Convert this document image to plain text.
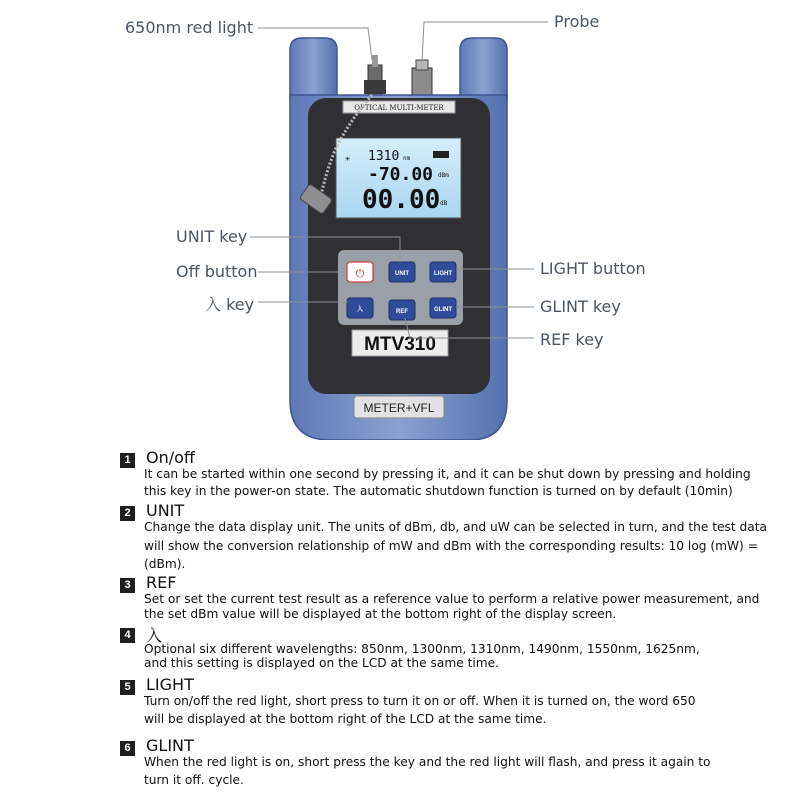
OPTICAL MULTI-METER
☀ 1310 nm
-70.00 dBm
00.00 dB
⏻	UNIT	LIGHT
入	REF	GLINT
MTV310
METER+VFL
650nm red light	Probe
UNIT key
Off button
入 key
LIGHT button
GLINT key
REF key
1 On/off
It can be started within one second by pressing it, and it can be shut down by pressing and holding
this key in the power-on state. The automatic shutdown function is turned on by default (10min)
2 UNIT
Change the data display unit. The units of dBm, db, and uW can be selected in turn, and the test data
will show the conversion relationship of mW and dBm with the corresponding results: 10 log (mW) =
(dBm).
3 REF
Set or set the current test result as a reference value to perform a relative power measurement, and
the set dBm value will be displayed at the bottom right of the display screen.
4 入
Optional six different wavelengths: 850nm, 1300nm, 1310nm, 1490nm, 1550nm, 1625nm,
and this setting is displayed on the LCD at the same time.
5 LIGHT
Turn on/off the red light, short press to turn it on or off. When it is turned on, the word 650
will be displayed at the bottom right of the LCD at the same time.
6 GLINT
When the red light is on, short press the key and the red light will flash, and press it again to
turn it off. cycle.
